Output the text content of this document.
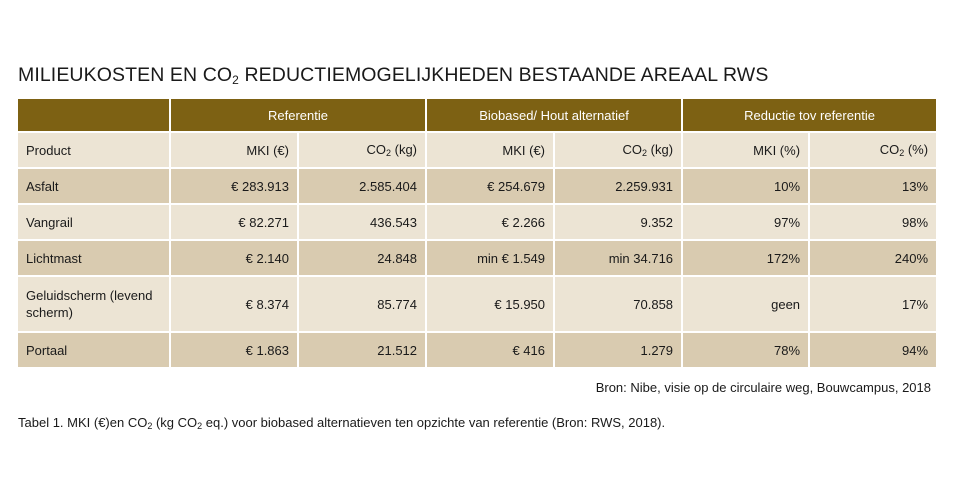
MILIEUKOSTEN EN $CO_2$ REDUCTIEMOGELIJKHEDEN BESTAANDE AREAAL RWS
	Referentie		Biobased/ Hout alternatief		Reductie tov referentie	
Product	MKI (€)	$CO_2$ (kg)	MKI (€)	$CO_2$ (kg)	MKI (%)	$CO_2$ (%)
Asfalt	€ 283.913	2.585.404	€ 254.679	2.259.931	10%	13%
Vangrail	€ 82.271	436.543	€ 2.266	9.352	97%	98%
Lichtmast	€ 2.140	24.848	min € 1.549	min 34.716	172%	240%
Geluidscherm (levend scherm)	€ 8.374	85.774	€ 15.950	70.858	geen	17%
Portaal	€ 1.863	21.512	€ 416	1.279	78%	94%
Bron: Nibe, visie op de circulaire weg, Bouwcampus, 2018
Tabel 1. MKI (€)en $CO_2$ (kg $CO_2$ eq.) voor biobased alternatieven ten opzichte van referentie (Bron: RWS, 2018).
